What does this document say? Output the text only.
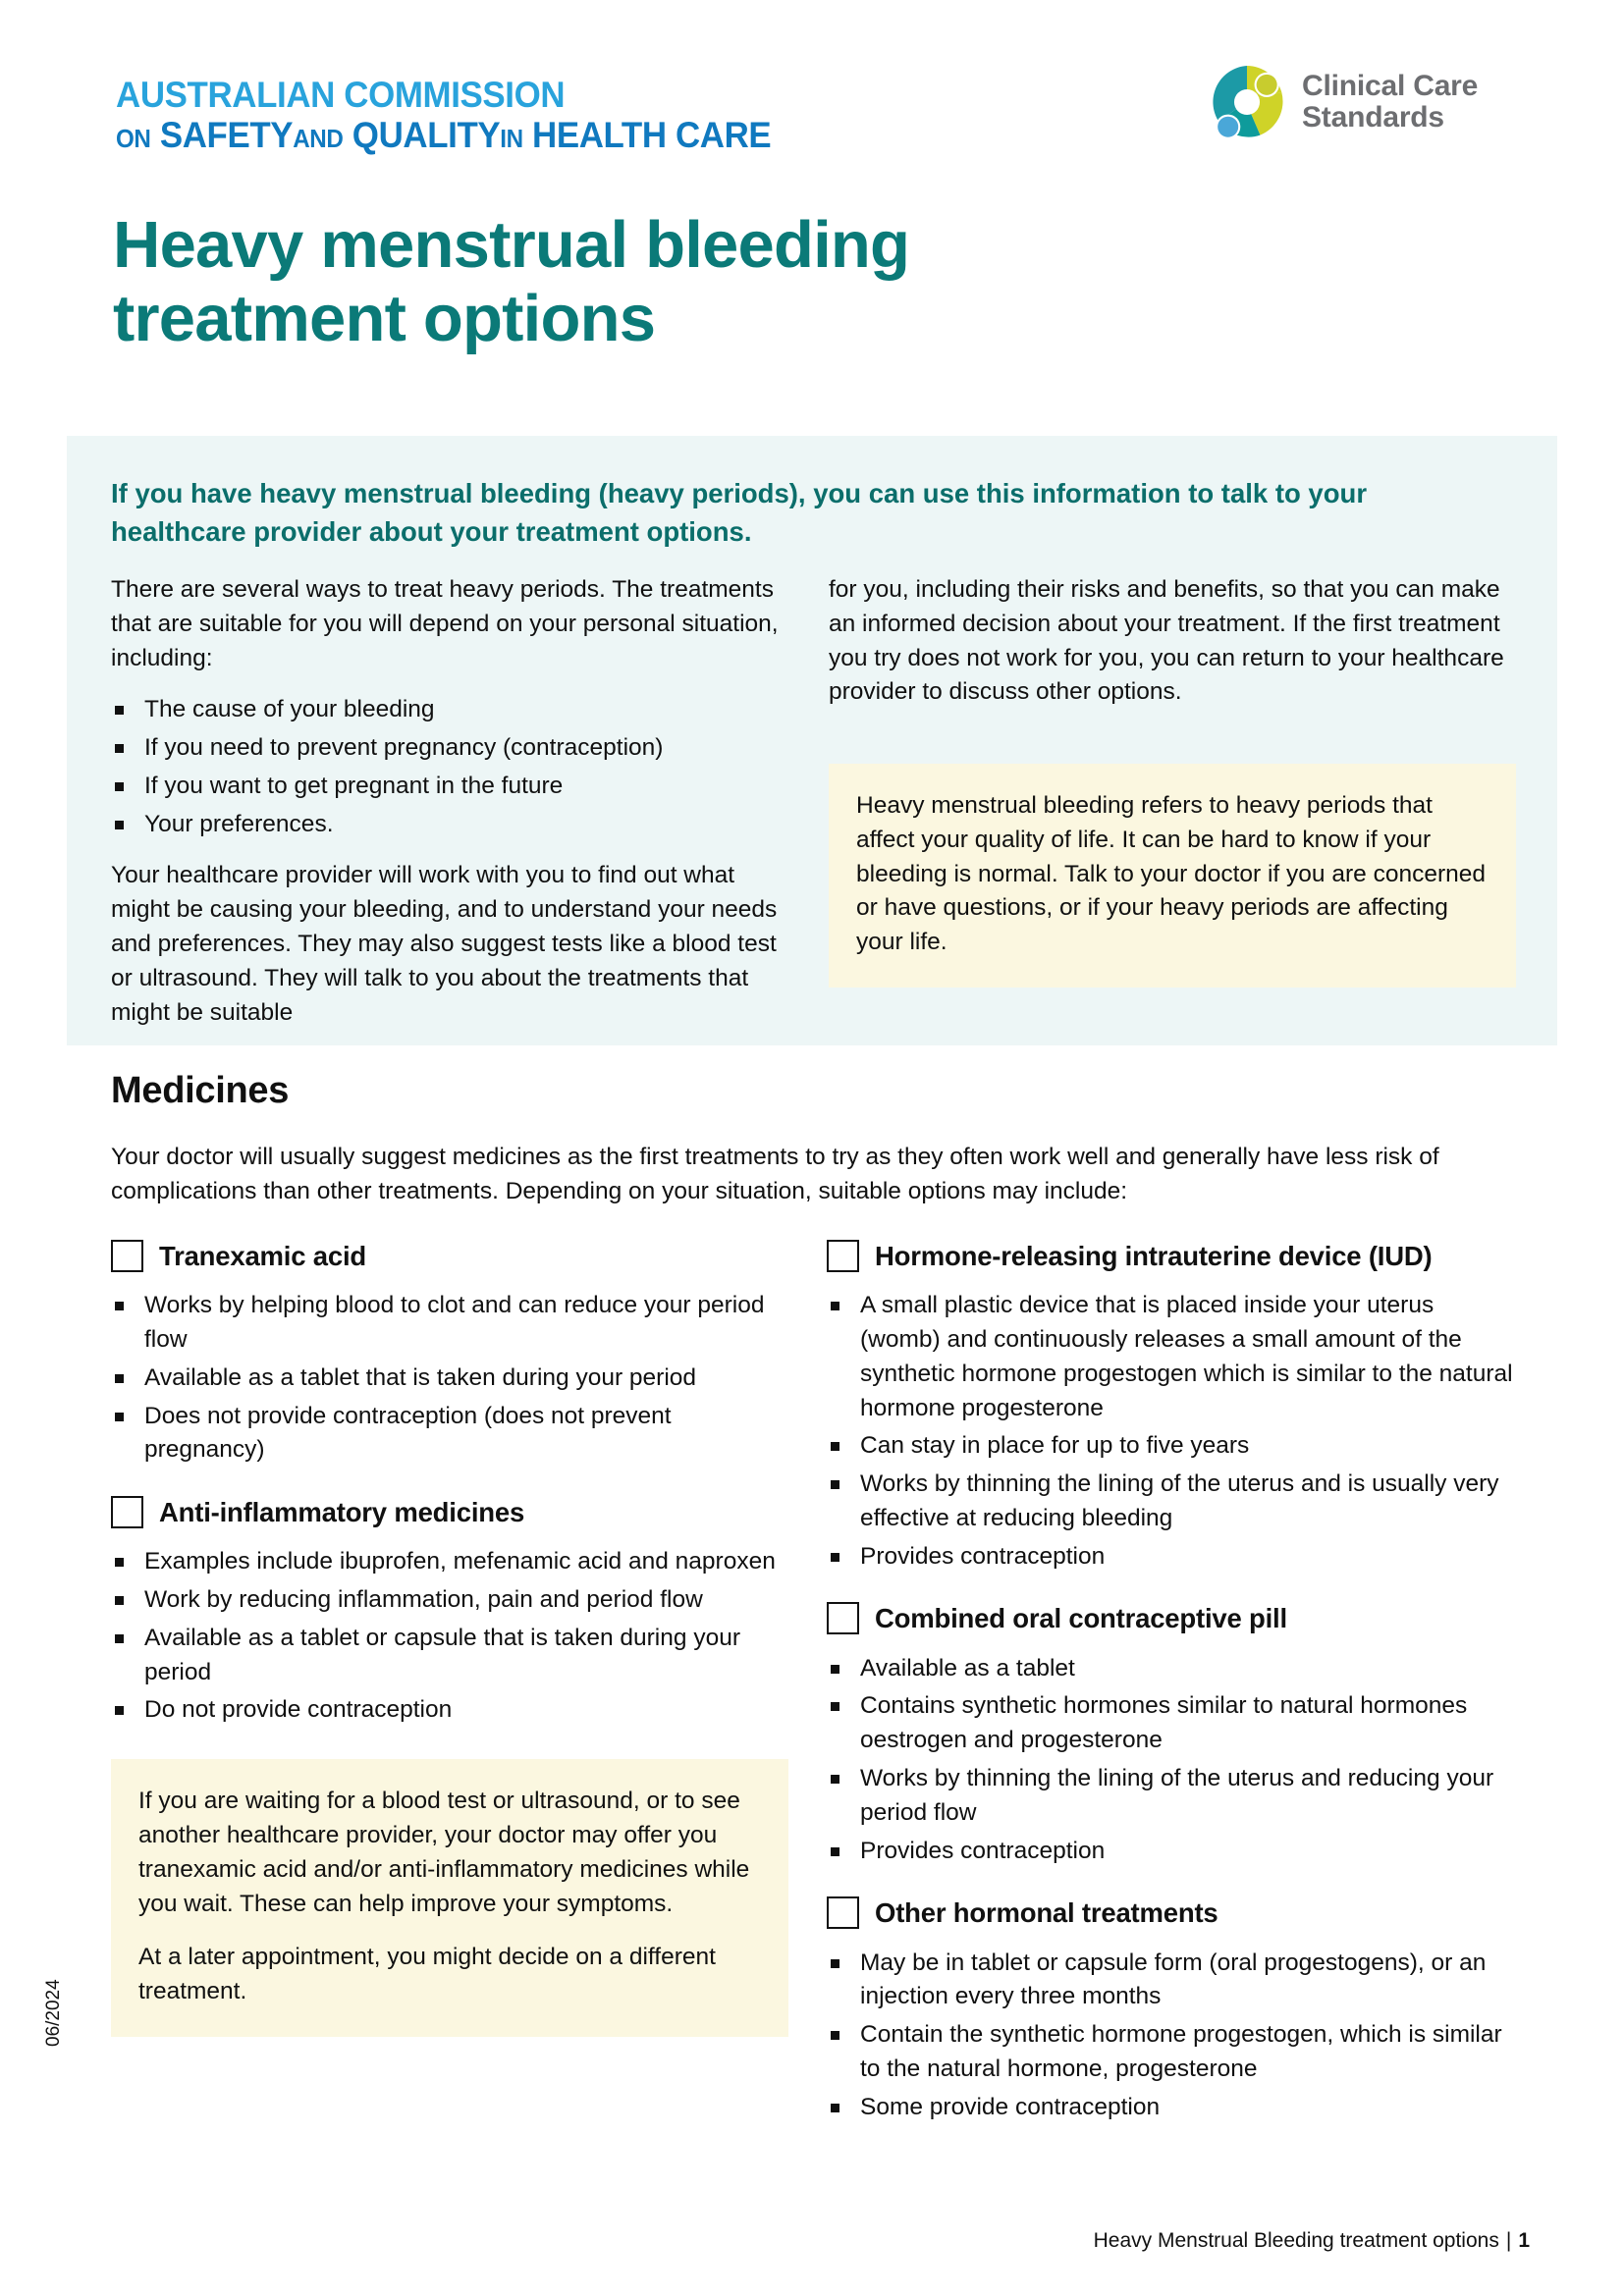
AUSTRALIAN COMMISSION
ON SAFETYAND QUALITYIN HEALTH CARE
Clinical Care
Standards
Heavy menstrual bleeding
treatment options
If you have heavy menstrual bleeding (heavy periods), you can use this information to talk to your healthcare provider about your treatment options.

There are several ways to treat heavy periods. The treatments that are suitable for you will depend on your personal situation, including:

The cause of your bleeding
If you need to prevent pregnancy (contraception)
If you want to get pregnant in the future
Your preferences.

Your healthcare provider will work with you to find out what might be causing your bleeding, and to understand your needs and preferences. They may also suggest tests like a blood test or ultrasound. They will talk to you about the treatments that might be suitable

for you, including their risks and benefits, so that you can make an informed decision about your treatment. If the first treatment you try does not work for you, you can return to your healthcare provider to discuss other options.

Heavy menstrual bleeding refers to heavy periods that affect your quality of life. It can be hard to know if your bleeding is normal. Talk to your doctor if you are concerned or have questions, or if your heavy periods are affecting your life.

Medicines
Your doctor will usually suggest medicines as the first treatments to try as they often work well and generally have less risk of complications than other treatments. Depending on your situation, suitable options may include:
Tranexamic acid
Works by helping blood to clot and can reduce your period flow
Available as a tablet that is taken during your period
Does not provide contraception (does not prevent pregnancy)
Anti-inflammatory medicines
Examples include ibuprofen, mefenamic acid and naproxen
Work by reducing inflammation, pain and period flow
Available as a tablet or capsule that is taken during your period
Do not provide contraception

If you are waiting for a blood test or ultrasound, or to see another healthcare provider, your doctor may offer you tranexamic acid and/or anti-inflammatory medicines while you wait. These can help improve your symptoms.

At a later appointment, you might decide on a different treatment.

Hormone-releasing intrauterine device (IUD)
A small plastic device that is placed inside your uterus (womb) and continuously releases a small amount of the synthetic hormone progestogen which is similar to the natural hormone progesterone
Can stay in place for up to five years
Works by thinning the lining of the uterus and is usually very effective at reducing bleeding
Provides contraception
Combined oral contraceptive pill
Available as a tablet
Contains synthetic hormones similar to natural hormones oestrogen and progesterone
Works by thinning the lining of the uterus and reducing your period flow
Provides contraception
Other hormonal treatments
May be in tablet or capsule form (oral progestogens), or an injection every three months
Contain the synthetic hormone progestogen, which is similar to the natural hormone, progesterone
Some provide contraception
Heavy Menstrual Bleeding treatment options | 1
06/2024
